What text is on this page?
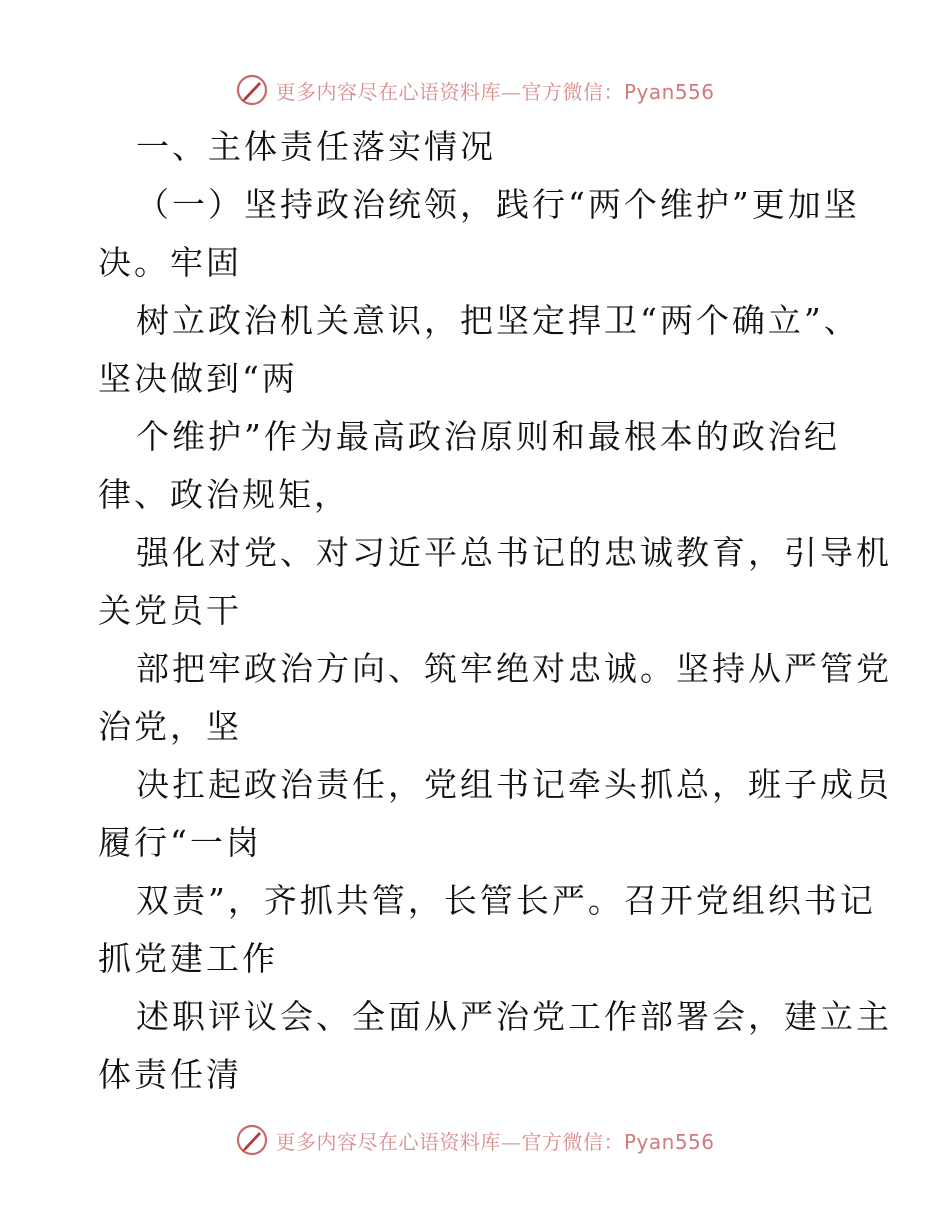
更多内容尽在心语资料库—官方微信：Pyan556
一、主体责任落实情况
（一）坚持政治统领，践行“两个维护”更加坚
决。牢固
树立政治机关意识，把坚定捍卫“两个确立”、
坚决做到“两
个维护”作为最高政治原则和最根本的政治纪
律、政治规矩，
强化对党、对习近平总书记的忠诚教育，引导机
关党员干
部把牢政治方向、筑牢绝对忠诚。坚持从严管党
治党，坚
决扛起政治责任，党组书记牵头抓总，班子成员
履行“一岗
双责”，齐抓共管，长管长严。召开党组织书记
抓党建工作
述职评议会、全面从严治党工作部署会，建立主
体责任清
更多内容尽在心语资料库—官方微信：Pyan556
